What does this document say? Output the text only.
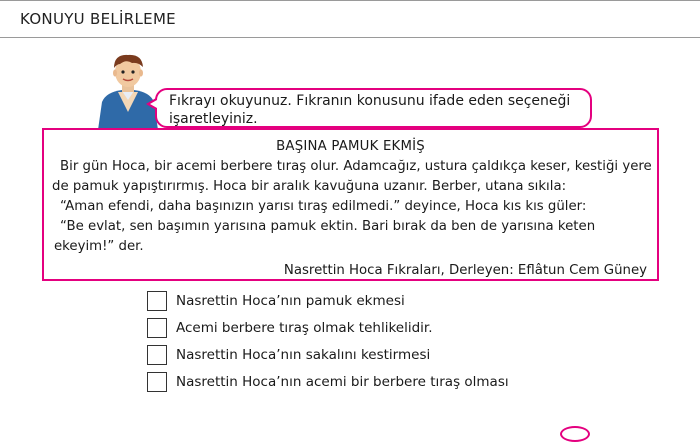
KONUYU BELİRLEME
Fıkrayı okuyunuz. Fıkranın konusunu ifade eden seçeneği işaretleyiniz.
BAŞINA PAMUK EKMİŞ
Bir gün Hoca, bir acemi berbere tıraş olur. Adamcağız, ustura çaldıkça keser, kestiği yere
de pamuk yapıştırırmış. Hoca bir aralık kavuğuna uzanır. Berber, utana sıkıla:
“Aman efendi, daha başınızın yarısı tıraş edilmedi.” deyince, Hoca kıs kıs güler:
“Be evlat, sen başımın yarısına pamuk ektin. Bari bırak da ben de yarısına keten
ekeyim!” der.
Nasrettin Hoca Fıkraları, Derleyen: Eflâtun Cem Güney
Nasrettin Hoca’nın pamuk ekmesi
Acemi berbere tıraş olmak tehlikelidir.
Nasrettin Hoca’nın sakalını kestirmesi
Nasrettin Hoca’nın acemi bir berbere tıraş olması
